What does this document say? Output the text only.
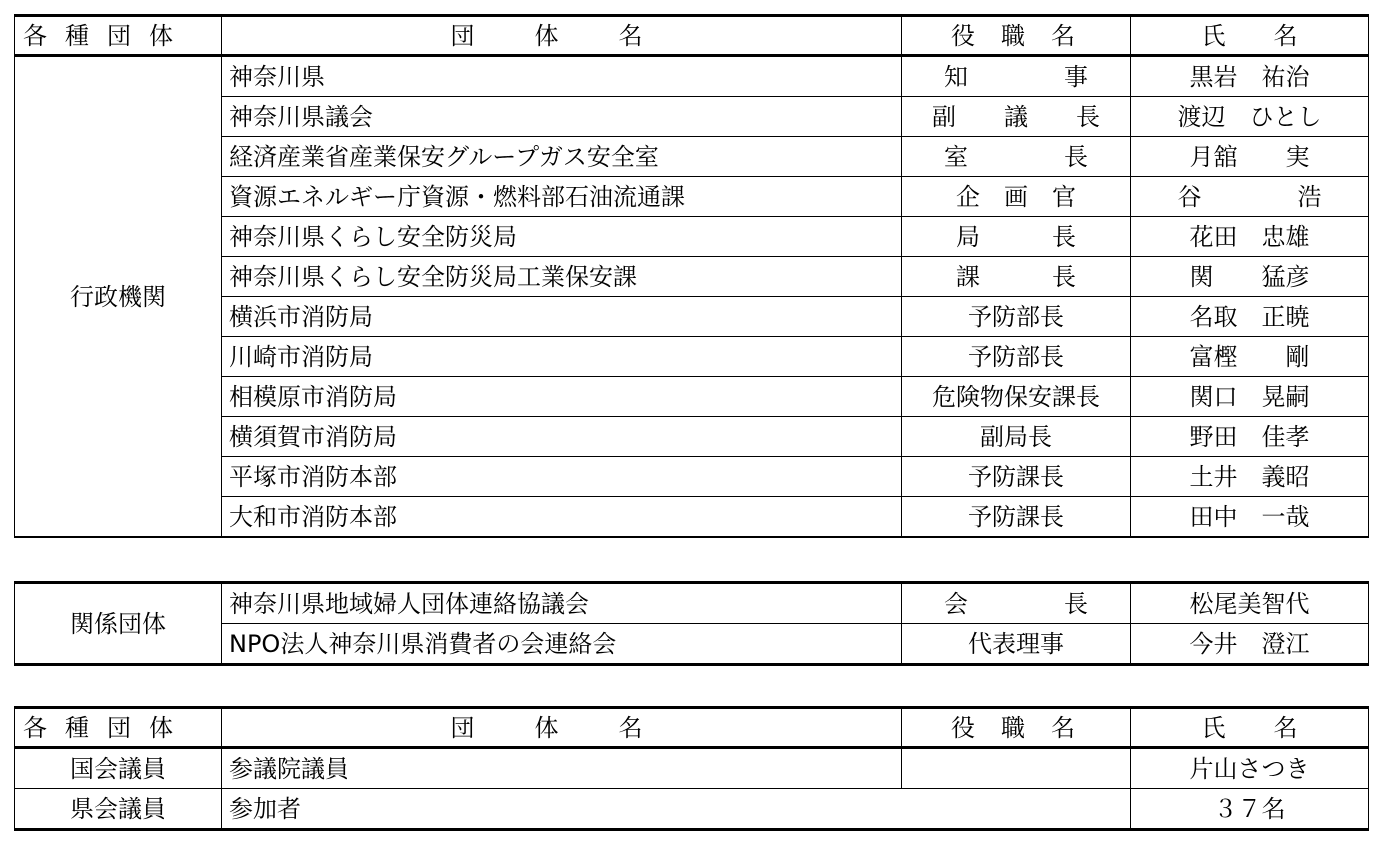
各種団体	団体名	役職名	氏　　名
行政機関	神奈川県	知　　　　事	黒岩　祐治
	神奈川県議会	副　　議　　長	渡辺　ひとし
	経済産業省産業保安グループガス安全室	室　　　　長	月舘　　実
	資源エネルギー庁資源・燃料部石油流通課	企　画　官	谷　　　　浩
	神奈川県くらし安全防災局	局　　　長	花田　忠雄
	神奈川県くらし安全防災局工業保安課	課　　　長	関　　猛彦
	横浜市消防局	予防部長	名取　正暁
	川崎市消防局	予防部長	富樫　　剛
	相模原市消防局	危険物保安課長	関口　晃嗣
	横須賀市消防局	副局長	野田　佳孝
	平塚市消防本部	予防課長	土井　義昭
	大和市消防本部	予防課長	田中　一哉
関係団体	神奈川県地域婦人団体連絡協議会	会　　　　長	松尾美智代
	NPO法人神奈川県消費者の会連絡会	代表理事	今井　澄江
各種団体	団体名	役職名	氏　　名
国会議員	参議院議員		片山さつき
県会議員	参加者		３７名
